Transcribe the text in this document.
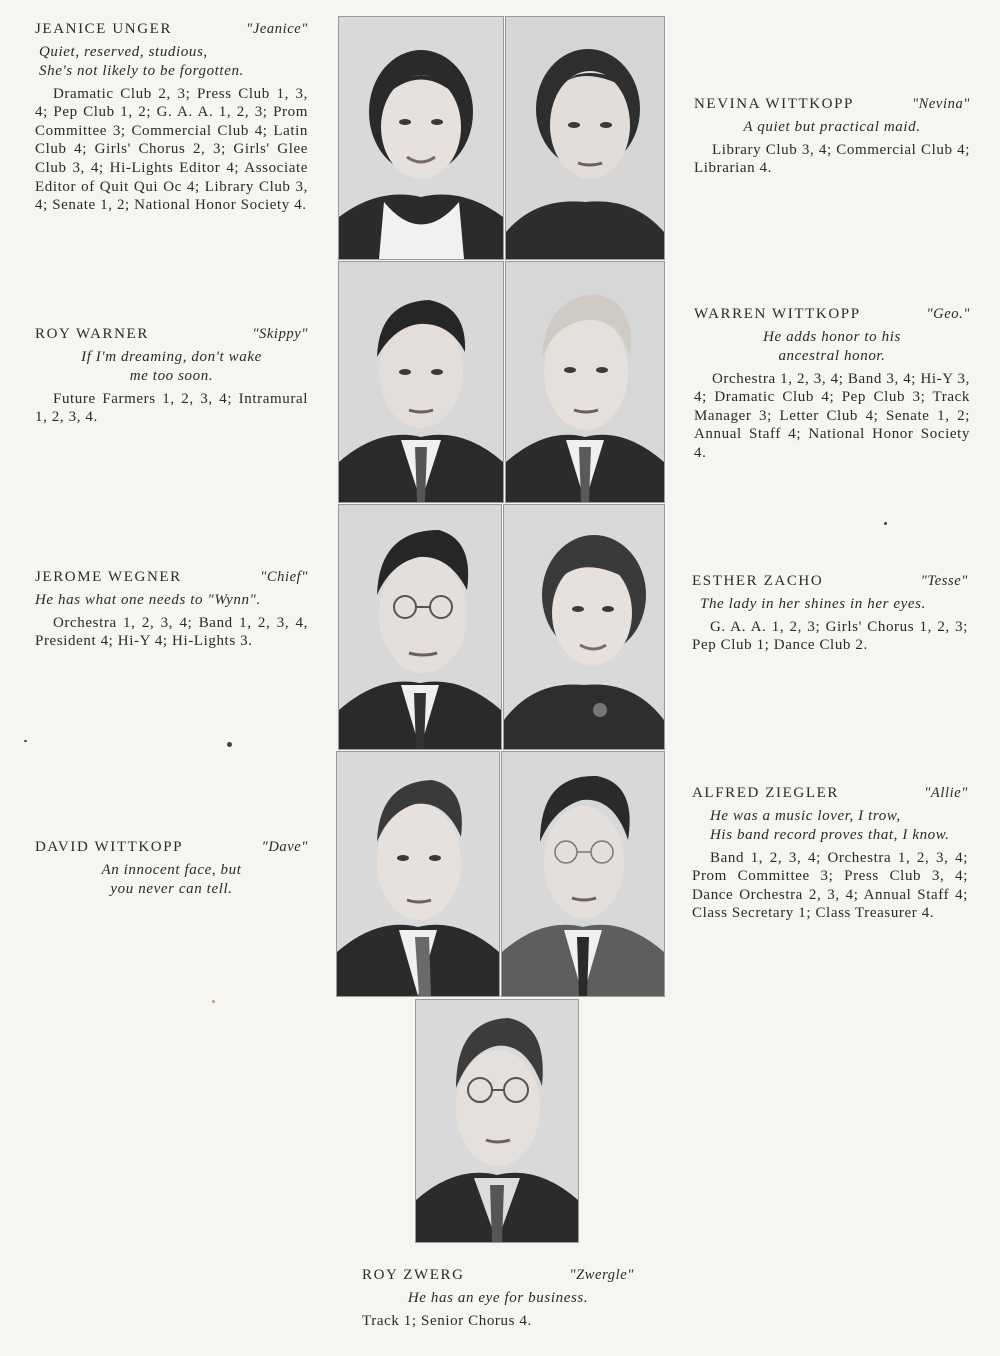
JEANICE UNGER	"Jeanice"
Quiet, reserved, studious,
She's not likely to be forgotten.
Dramatic Club 2, 3; Press Club 1, 3, 4; Pep Club 1, 2; G. A. A. 1, 2, 3; Prom Committee 3; Commercial Club 4; Latin Club 4; Girls' Chorus 2, 3; Girls' Glee Club 3, 4; Hi-Lights Editor 4; Associate Editor of Quit Qui Oc 4; Library Club 3, 4; Senate 1, 2; National Honor Society 4.
NEVINA WITTKOPP	"Nevina"
A quiet but practical maid.
Library Club 3, 4; Commercial Club 4; Librarian 4.
ROY WARNER	"Skippy"
If I'm dreaming, don't wake
me too soon.
Future Farmers 1, 2, 3, 4; Intramural 1, 2, 3, 4.
WARREN WITTKOPP	"Geo."
He adds honor to his
ancestral honor.
Orchestra 1, 2, 3, 4; Band 3, 4; Hi-Y 3, 4; Dramatic Club 4; Pep Club 3; Track Manager 3; Letter Club 4; Senate 1, 2; Annual Staff 4; National Honor Society 4.
JEROME WEGNER	"Chief"
He has what one needs to "Wynn".
Orchestra 1, 2, 3, 4; Band 1, 2, 3, 4, President 4; Hi-Y 4; Hi-Lights 3.
ESTHER ZACHO	"Tesse"
The lady in her shines in her eyes.
G. A. A. 1, 2, 3; Girls' Chorus 1, 2, 3; Pep Club 1; Dance Club 2.
DAVID WITTKOPP	"Dave"
An innocent face, but
you never can tell.
ALFRED ZIEGLER	"Allie"
He was a music lover, I trow,
His band record proves that, I know.
Band 1, 2, 3, 4; Orchestra 1, 2, 3, 4; Prom Committee 3; Press Club 3, 4; Dance Orchestra 2, 3, 4; Annual Staff 4; Class Secretary 1; Class Treasurer 4.
ROY ZWERG	"Zwergle"
He has an eye for business.
Track 1; Senior Chorus 4.
